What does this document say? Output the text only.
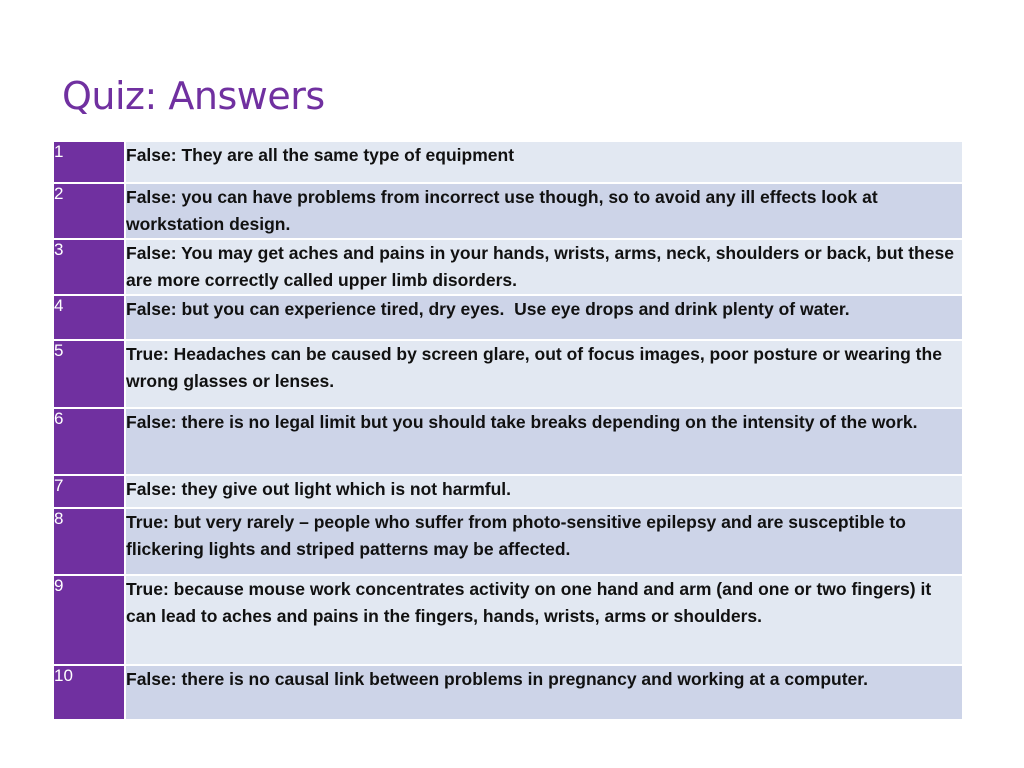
Quiz: Answers
1	False: They are all the same type of equipment

2	False: you can have problems from incorrect use though, so to avoid any ill effects look at workstation design.

3	False: You may get aches and pains in your hands, wrists, arms, neck, shoulders or back, but these are more correctly called upper limb disorders.

4	False: but you can experience tired, dry eyes.  Use eye drops and drink plenty of water.

5	True: Headaches can be caused by screen glare, out of focus images, poor posture or wearing the wrong glasses or lenses.

6	False: there is no legal limit but you should take breaks depending on the intensity of the work.

7	False: they give out light which is not harmful.

8	True: but very rarely – people who suffer from photo-sensitive epilepsy and are susceptible to flickering lights and striped patterns may be affected.

9	True: because mouse work concentrates activity on one hand and arm (and one or two fingers) it can lead to aches and pains in the fingers, hands, wrists, arms or shoulders.

10	False: there is no causal link between problems in pregnancy and working at a computer.
